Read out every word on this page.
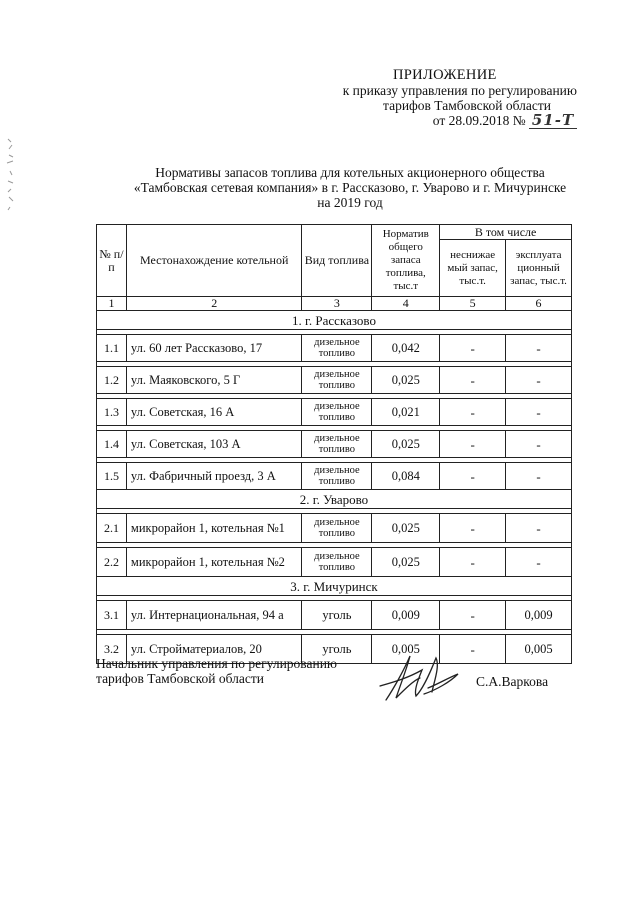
ПРИЛОЖЕНИЕ
к приказу управления по регулированию
тарифов Тамбовской области
от 28.09.2018 № 51-Т
Нормативы запасов топлива для котельных акционерного общества
«Тамбовская сетевая компания» в г. Рассказово, г. Уварово и г. Мичуринске
на 2019 год
№ п/п	Местонахождение котельной	Вид топлива	Норматив общего запаса топлива, тыс.т	В том числе	
				неснижае мый запас, тыс.т.	эксплуата ционный запас, тыс.т.
1	2	3	4	5	6
1. г. Рассказово					

1.1	ул. 60 лет Рассказово, 17	дизельное топливо	0,042	-	-

1.2	ул. Маяковского, 5 Г	дизельное топливо	0,025	-	-

1.3	ул. Советская, 16 А	дизельное топливо	0,021	-	-

1.4	ул. Советская, 103 А	дизельное топливо	0,025	-	-

1.5	ул. Фабричный проезд, 3 А	дизельное топливо	0,084	-	-
2. г. Уварово					

2.1	микрорайон 1, котельная №1	дизельное топливо	0,025	-	-

2.2	микрорайон 1, котельная №2	дизельное топливо	0,025	-	-
3. г. Мичуринск					

3.1	ул. Интернациональная, 94 а	уголь	0,009	-	0,009

3.2	ул. Стройматериалов, 20	уголь	0,005	-	0,005
Начальник управления по регулированию
тарифов Тамбовской области	С.А.Варкова
